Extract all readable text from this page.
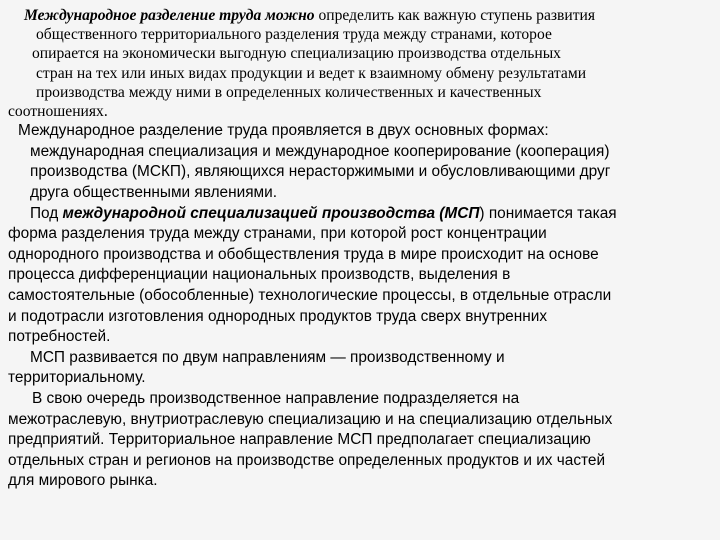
Международное разделение труда можно определить как важную ступень развития
общественного территориального разделения труда между странами, которое
опирается на экономически выгодную специализацию производства отдельных
стран на тех или иных видах продукции и ведет к взаимному обмену результатами
производства между ними в определенных количественных и качественных
соотношениях.
Международное разделение труда проявляется в двух основных формах:
международная специализация и международное кооперирование (кооперация)
производства (МСКП), являющихся нерасторжимыми и обусловливающими друг
друга общественными явлениями.
Под международной специализацией производства (МСП) понимается такая
форма разделения труда между странами, при которой рост концентрации
однородного производства и обобществления труда в мире происходит на основе
процесса дифференциации национальных производств, выделения в
самостоятельные (обособленные) технологические процессы, в отдельные отрасли
и подотрасли изготовления однородных продуктов труда сверх внутренних
потребностей.
МСП развивается по двум направлениям — производственному и
территориальному.
В свою очередь производственное направление подразделяется на
межотраслевую, внутриотраслевую специализацию и на специализацию отдельных
предприятий. Территориальное направление МСП предполагает специализацию
отдельных стран и регионов на производстве определенных продуктов и их частей
для мирового рынка.
